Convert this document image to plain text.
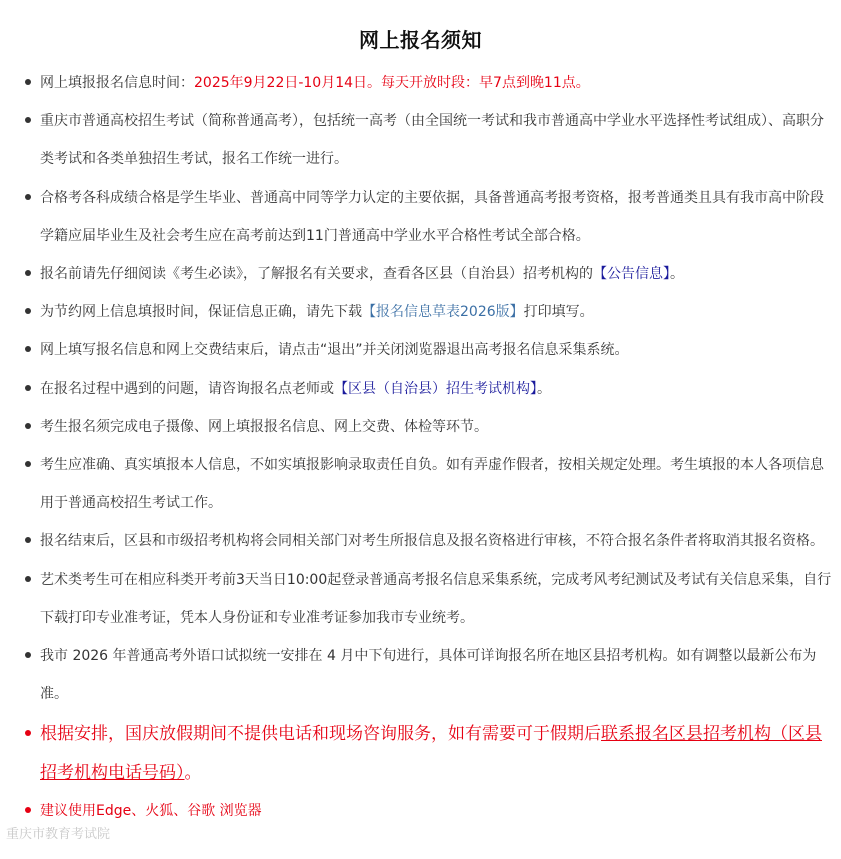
网上报名须知
网上填报报名信息时间：2025年9月22日-10月14日。每天开放时段：早7点到晚11点。
重庆市普通高校招生考试（简称普通高考），包括统一高考（由全国统一考试和我市普通高中学业水平选择性考试组成）、高职分类考试和各类单独招生考试，报名工作统一进行。
合格考各科成绩合格是学生毕业、普通高中同等学力认定的主要依据，具备普通高考报考资格，报考普通类且具有我市高中阶段学籍应届毕业生及社会考生应在高考前达到11门普通高中学业水平合格性考试全部合格。
报名前请先仔细阅读《考生必读》，了解报名有关要求，查看各区县（自治县）招考机构的【公告信息】。
为节约网上信息填报时间，保证信息正确，请先下载【报名信息草表2026版】打印填写。
网上填写报名信息和网上交费结束后，请点击“退出”并关闭浏览器退出高考报名信息采集系统。
在报名过程中遇到的问题，请咨询报名点老师或【区县（自治县）招生考试机构】。
考生报名须完成电子摄像、网上填报报名信息、网上交费、体检等环节。
考生应准确、真实填报本人信息，不如实填报影响录取责任自负。如有弄虚作假者，按相关规定处理。考生填报的本人各项信息用于普通高校招生考试工作。
报名结束后，区县和市级招考机构将会同相关部门对考生所报信息及报名资格进行审核，不符合报名条件者将取消其报名资格。
艺术类考生可在相应科类开考前3天当日10:00起登录普通高考报名信息采集系统，完成考风考纪测试及考试有关信息采集，自行下载打印专业准考证，凭本人身份证和专业准考证参加我市专业统考。
我市 2026 年普通高考外语口试拟统一安排在 4 月中下旬进行，具体可详询报名所在地区县招考机构。如有调整以最新公布为准。
根据安排，国庆放假期间不提供电话和现场咨询服务，如有需要可于假期后联系报名区县招考机构（区县招考机构电话号码）。
建议使用Edge、火狐、谷歌 浏览器
重庆市教育考试院
